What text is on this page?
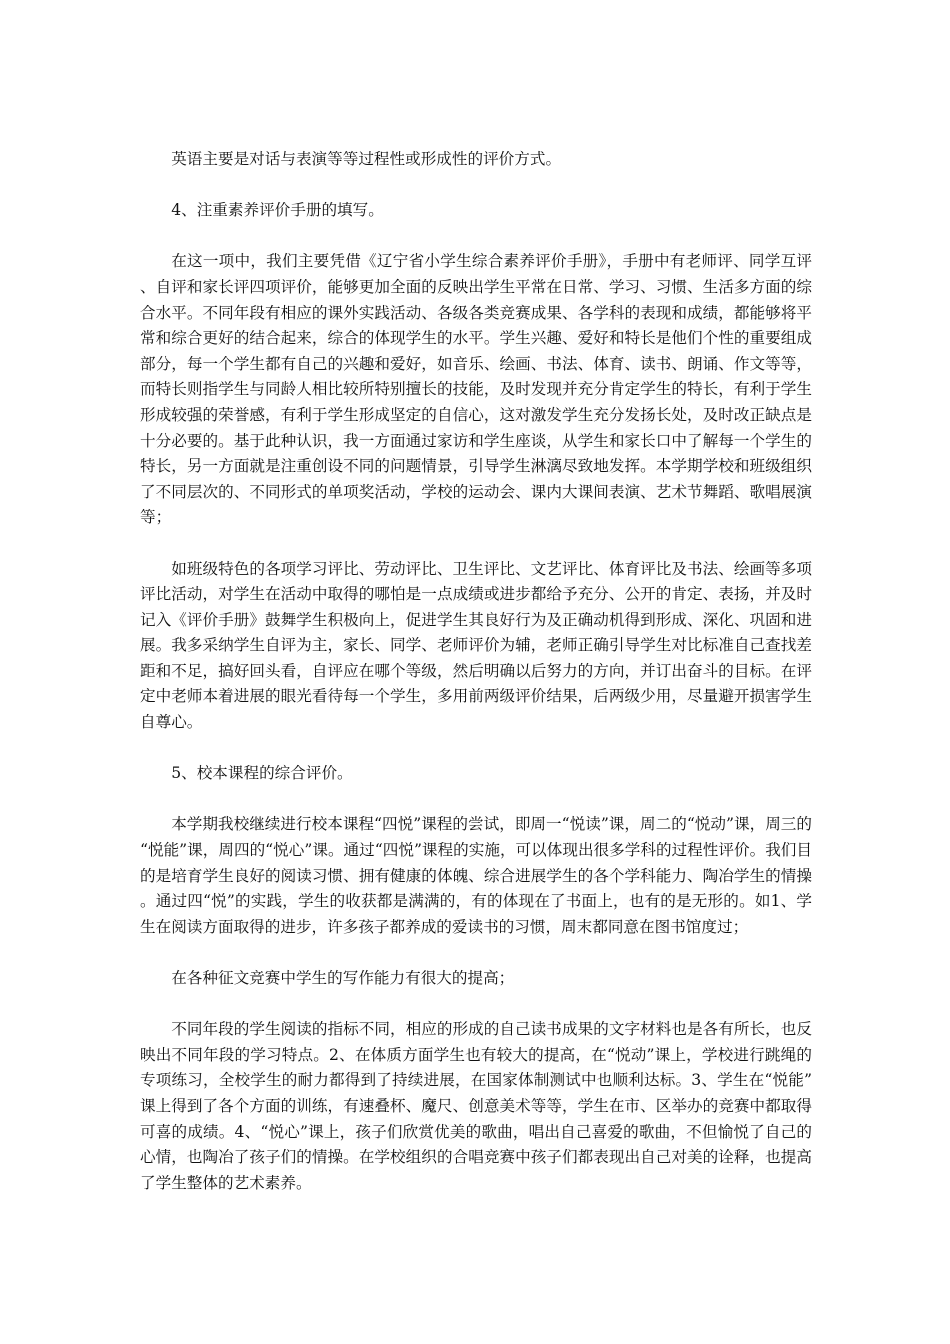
英语主要是对话与表演等等过程性或形成性的评价方式。

4、注重素养评价手册的填写。

在这一项中，我们主要凭借《辽宁省小学生综合素养评价手册》，手册中有老师评、同学互评、自评和家长评四项评价，能够更加全面的反映出学生平常在日常、学习、习惯、生活多方面的综合水平。不同年段有相应的课外实践活动、各级各类竞赛成果、各学科的表现和成绩，都能够将平常和综合更好的结合起来，综合的体现学生的水平。学生兴趣、爱好和特长是他们个性的重要组成部分，每一个学生都有自己的兴趣和爱好，如音乐、绘画、书法、体育、读书、朗诵、作文等等，而特长则指学生与同龄人相比较所特别擅长的技能，及时发现并充分肯定学生的特长，有利于学生形成较强的荣誉感，有利于学生形成坚定的自信心，这对激发学生充分发扬长处，及时改正缺点是十分必要的。基于此种认识，我一方面通过家访和学生座谈，从学生和家长口中了解每一个学生的特长，另一方面就是注重创设不同的问题情景，引导学生淋漓尽致地发挥。本学期学校和班级组织了不同层次的、不同形式的单项奖活动，学校的运动会、课内大课间表演、艺术节舞蹈、歌唱展演等；

如班级特色的各项学习评比、劳动评比、卫生评比、文艺评比、体育评比及书法、绘画等多项评比活动，对学生在活动中取得的哪怕是一点成绩或进步都给予充分、公开的肯定、表扬，并及时记入《评价手册》鼓舞学生积极向上，促进学生其良好行为及正确动机得到形成、深化、巩固和进展。我多采纳学生自评为主，家长、同学、老师评价为辅，老师正确引导学生对比标准自己查找差距和不足，搞好回头看，自评应在哪个等级，然后明确以后努力的方向，并订出奋斗的目标。在评定中老师本着进展的眼光看待每一个学生，多用前两级评价结果，后两级少用，尽量避开损害学生自尊心。

5、校本课程的综合评价。

本学期我校继续进行校本课程“四悦”课程的尝试，即周一“悦读”课，周二的“悦动”课，周三的“悦能”课，周四的“悦心”课。通过“四悦”课程的实施，可以体现出很多学科的过程性评价。我们目的是培育学生良好的阅读习惯、拥有健康的体魄、综合进展学生的各个学科能力、陶冶学生的情操。通过四“悦”的实践，学生的收获都是满满的，有的体现在了书面上，也有的是无形的。如1、学生在阅读方面取得的进步，许多孩子都养成的爱读书的习惯，周末都同意在图书馆度过；

在各种征文竞赛中学生的写作能力有很大的提高；

不同年段的学生阅读的指标不同，相应的形成的自己读书成果的文字材料也是各有所长，也反映出不同年段的学习特点。2、在体质方面学生也有较大的提高，在“悦动”课上，学校进行跳绳的专项练习，全校学生的耐力都得到了持续进展，在国家体制测试中也顺利达标。3、学生在“悦能”课上得到了各个方面的训练，有速叠杯、魔尺、创意美术等等，学生在市、区举办的竞赛中都取得可喜的成绩。4、“悦心”课上，孩子们欣赏优美的歌曲，唱出自己喜爱的歌曲，不但愉悦了自己的心情，也陶冶了孩子们的情操。在学校组织的合唱竞赛中孩子们都表现出自己对美的诠释，也提高了学生整体的艺术素养。
